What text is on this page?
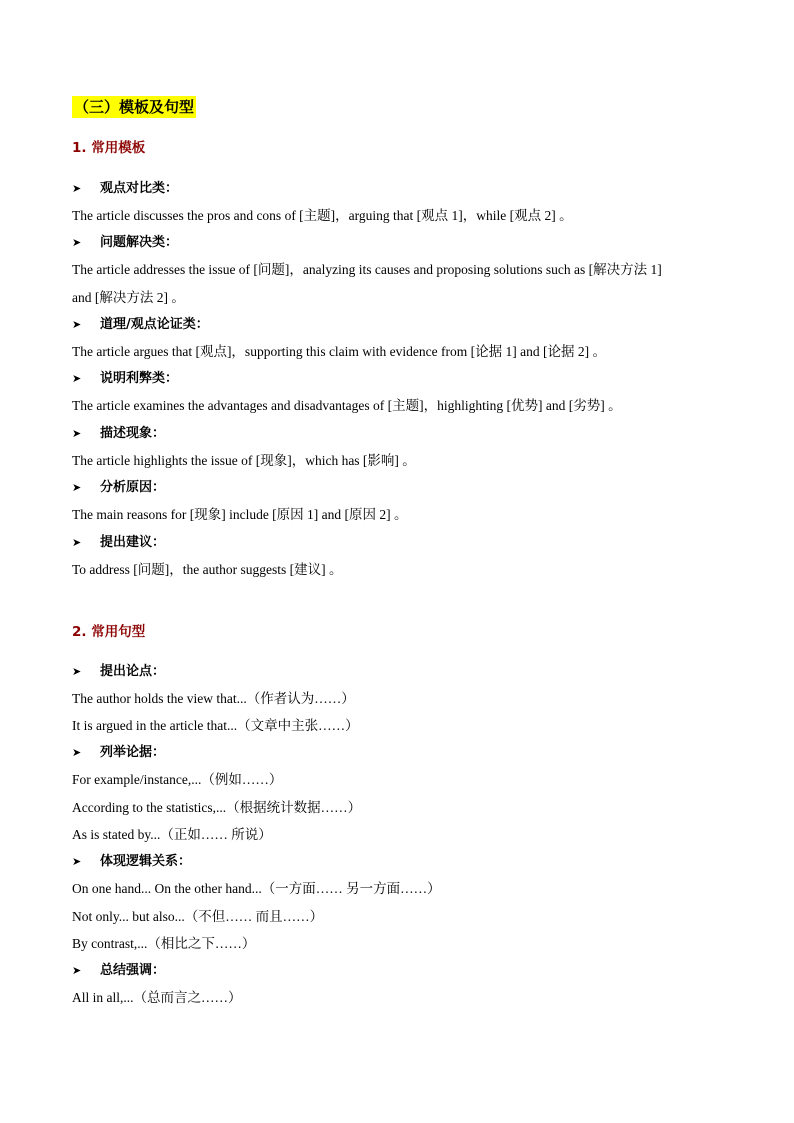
（三）模板及句型
1. 常用模板
➤ 观点对比类：
The article discusses the pros and cons of [主题]，arguing that [观点 1]，while [观点 2] 。
➤ 问题解决类：
The article addresses the issue of [问题]，analyzing its causes and proposing solutions such as [解决方法 1]
and [解决方法 2] 。
➤ 道理/观点论证类：
The article argues that [观点]，supporting this claim with evidence from [论据 1] and [论据 2] 。
➤ 说明利弊类：
The article examines the advantages and disadvantages of [主题]，highlighting [优势] and [劣势] 。
➤ 描述现象：
The article highlights the issue of [现象]，which has [影响] 。
➤ 分析原因：
The main reasons for [现象] include [原因 1] and [原因 2] 。
➤ 提出建议：
To address [问题]，the author suggests [建议] 。
2. 常用句型
➤ 提出论点：
The author holds the view that...（作者认为……）
It is argued in the article that...（文章中主张……）
➤ 列举论据：
For example/instance,...（例如……）
According to the statistics,...（根据统计数据……）
As is stated by...（正如…… 所说）
➤ 体现逻辑关系：
On one hand... On the other hand...（一方面…… 另一方面……）
Not only... but also...（不但…… 而且……）
By contrast,...（相比之下……）
➤ 总结强调：
All in all,...（总而言之……）
